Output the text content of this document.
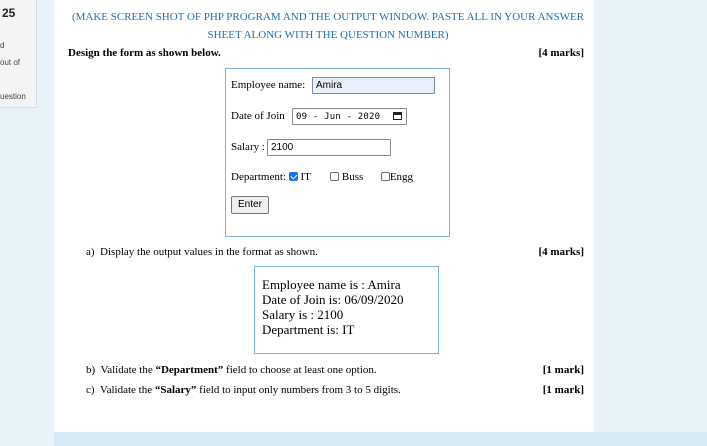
25
d
out of
uestion
(MAKE SCREEN SHOT OF PHP PROGRAM AND THE OUTPUT WINDOW. PASTE ALL IN YOUR ANSWER
SHEET ALONG WITH THE QUESTION NUMBER)
Design the form as shown below.	[4 marks]
Employee name:	Amira
Date of Join	09 - Jun - 2020
Salary : 2100
Department: IT	Buss Engg
Enter
a) Display the output values in the format as shown.	[4 marks]
Employee name is : Amira
Date of Join is: 06/09/2020
Salary is : 2100
Department is: IT
b) Validate the “Department” field to choose at least one option.	[1 mark]
c) Validate the “Salary” field to input only numbers from 3 to 5 digits.	[1 mark]
